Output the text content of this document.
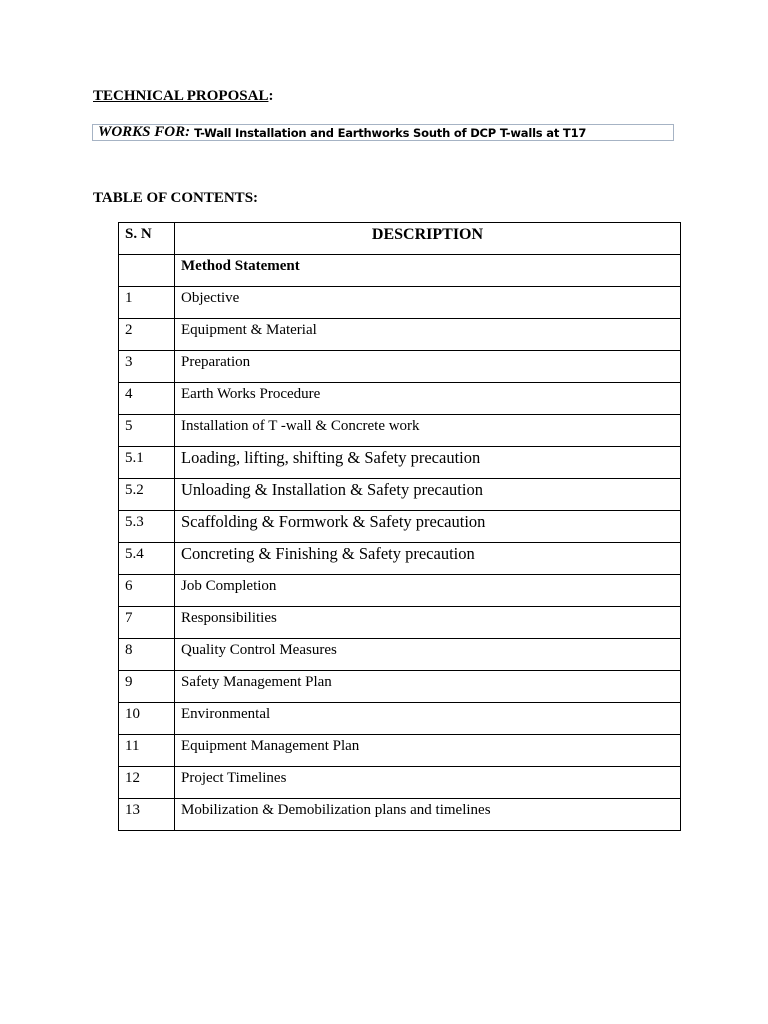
TECHNICAL PROPOSAL:
WORKS FOR: T-Wall Installation and Earthworks South of DCP T-walls at T17
TABLE OF CONTENTS:
S. N	DESCRIPTION
	Method Statement
1	Objective
2	Equipment & Material
3	Preparation
4	Earth Works Procedure
5	Installation of T -wall & Concrete work
5.1	Loading, lifting, shifting & Safety precaution
5.2	Unloading & Installation & Safety precaution
5.3	Scaffolding & Formwork & Safety precaution
5.4	Concreting & Finishing & Safety precaution
6	Job Completion
7	Responsibilities
8	Quality Control Measures
9	Safety Management Plan
10	Environmental
11	Equipment Management Plan
12	Project Timelines
13	Mobilization & Demobilization plans and timelines
